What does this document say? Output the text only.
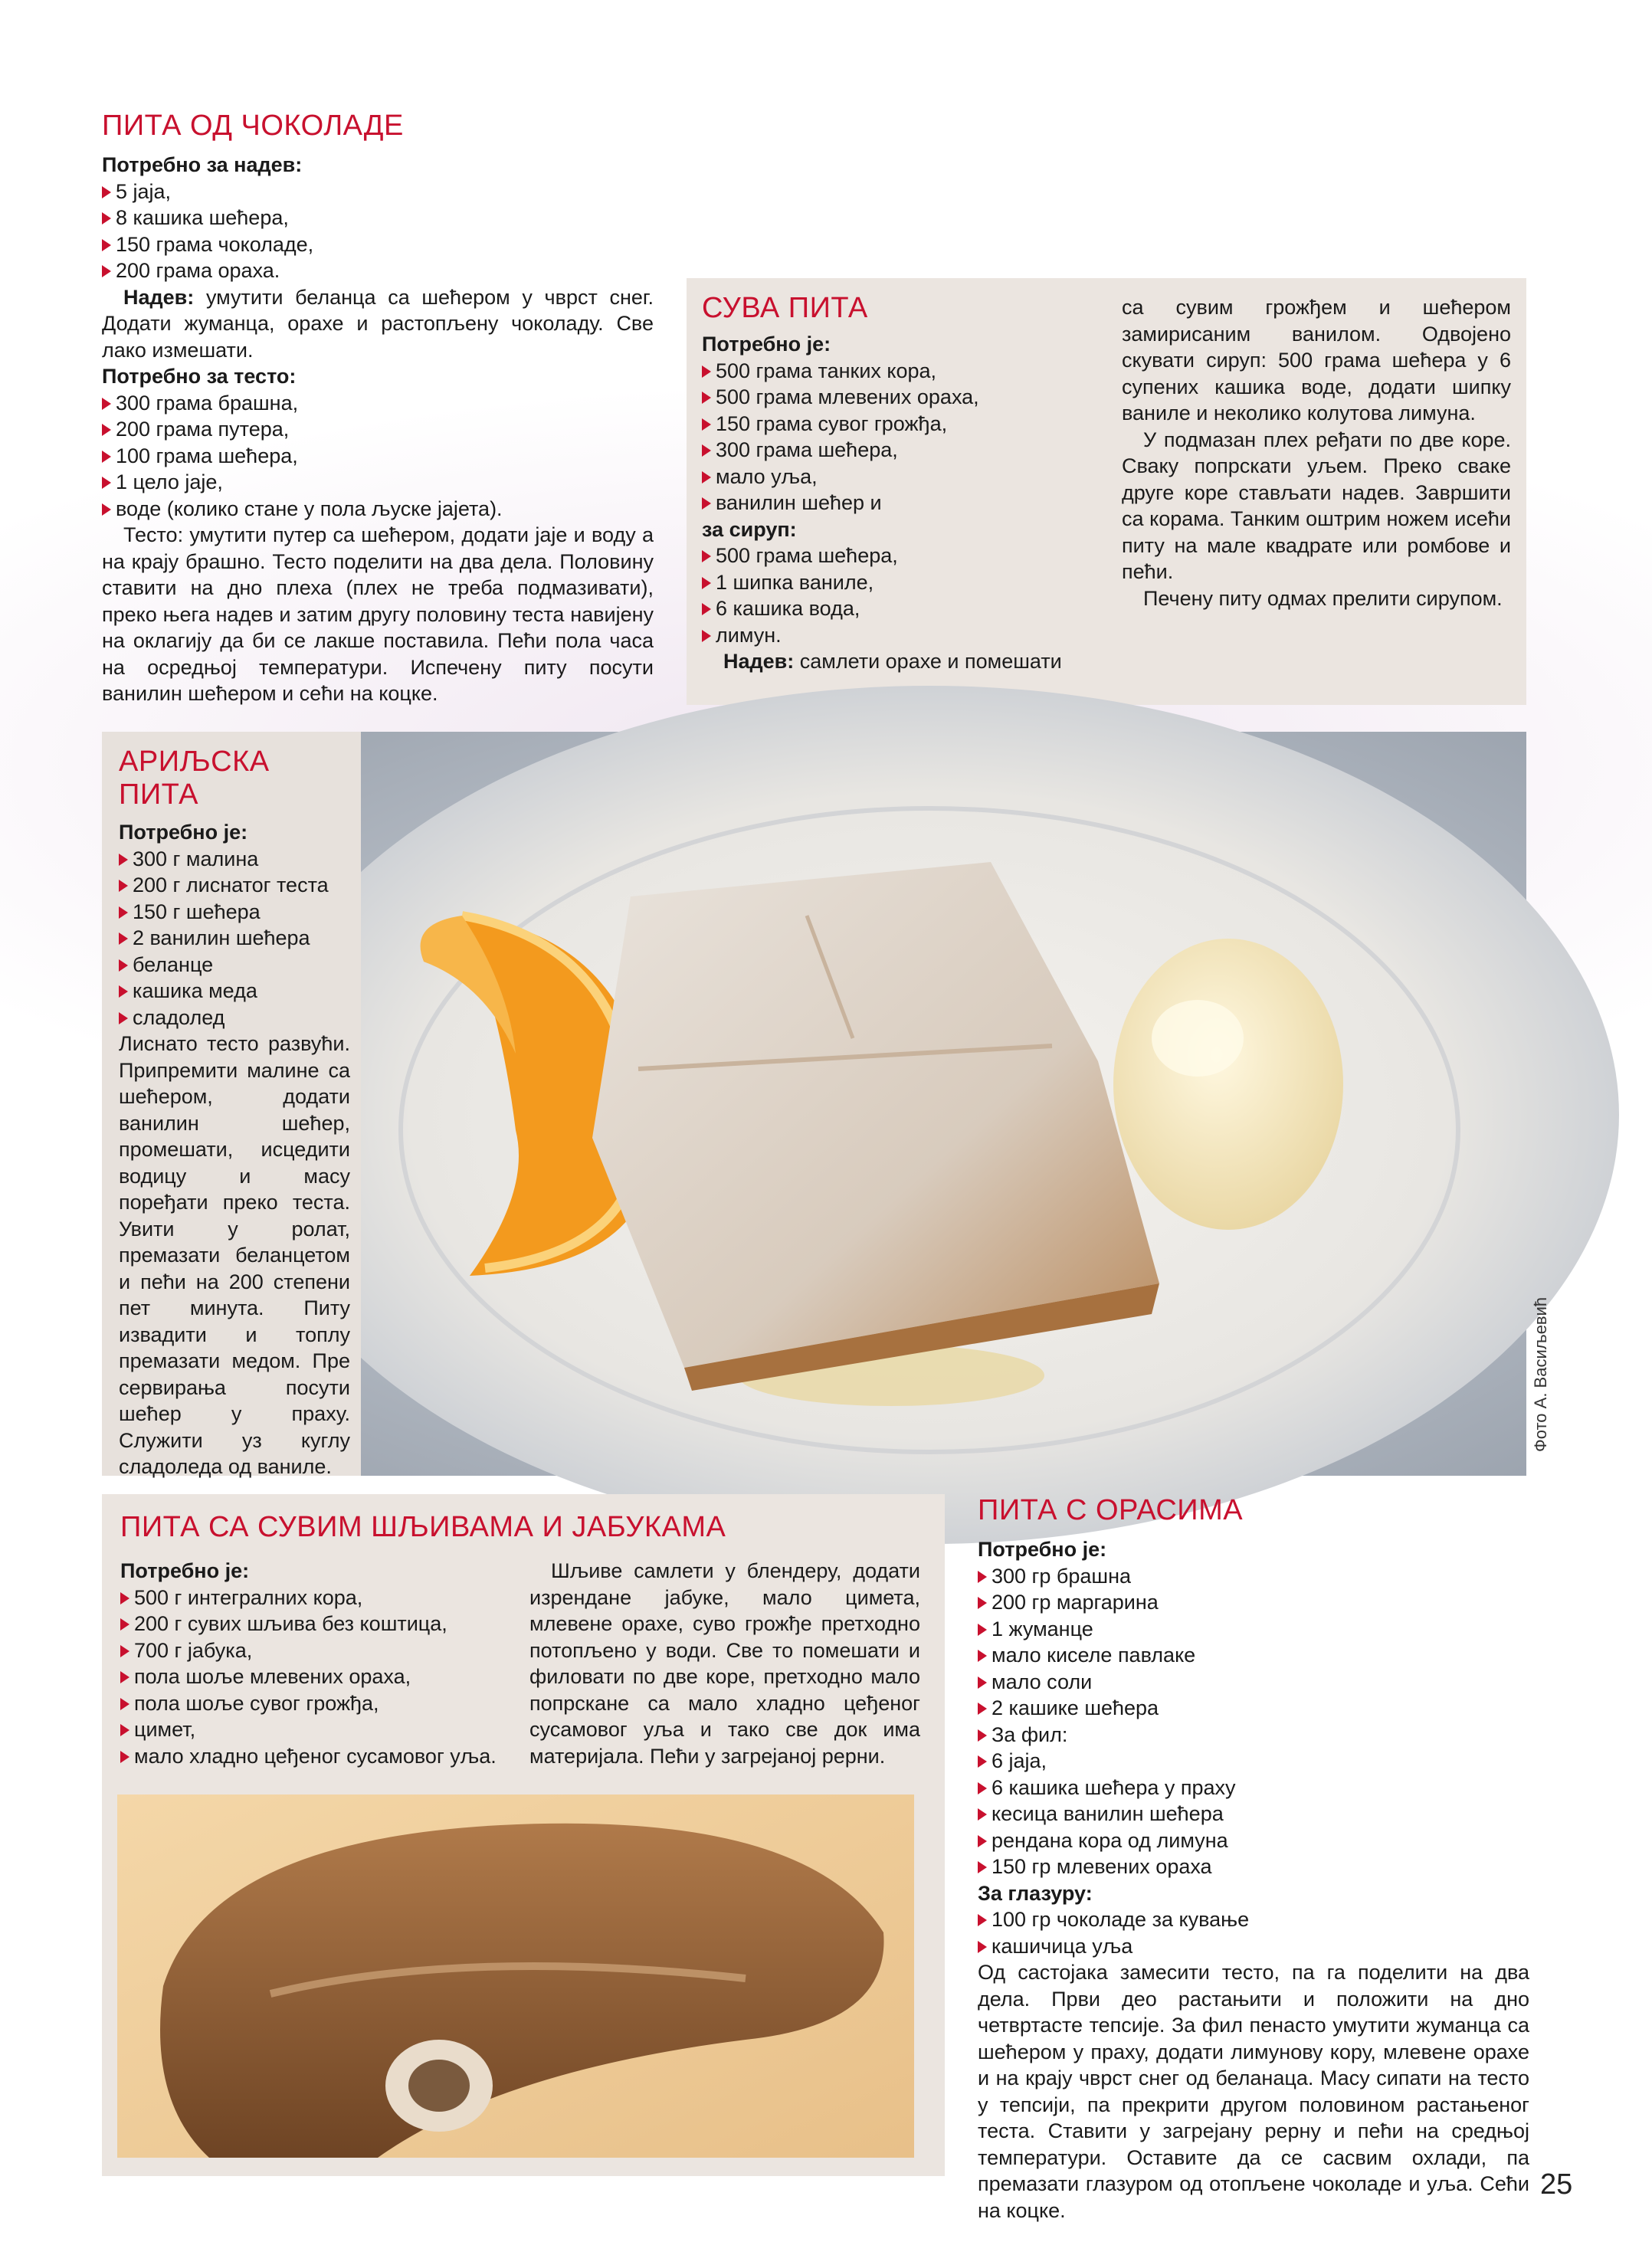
ПИТА ОД ЧОКОЛАДЕ
Потребно за надев:
5 јаја,
8 кашика шећера,
150 грама чоколаде,
200 грама ораха.
Надев: умутити беланца са шећером у чврст снег. Додати жуманца, орахе и растопљену чоколаду. Све лако измешати.
Потребно за тесто:
300 грама брашна,
200 грама путера,
100 грама шећера,
1 цело јаје,
воде (колико стане у пола љуске јајета).
Тесто: умутити путер са шећером, додати јаје и воду а на крају брашно. Тесто поделити на два дела. Половину ставити на дно плеха (плех не треба подмазивати), преко њега надев и затим другу половину теста навијену на оклагију да би се лакше поставила. Пећи пола часа на осредњој температури. Испечену питу посути ванилин шећером и сећи на коцке.
СУВА ПИТА
Потребно је:
500 грама танких кора,
500 грама млевених ораха,
150 грама сувог грожђа,
300 грама шећера,
мало уља,
ванилин шећер и
за сируп:
500 грама шећера,
1 шипка ваниле,
6 кашика вода,
лимун.
Надев: самлети орахе и помешати
са сувим грожђем и шећером замирисаним ванилом. Одвојено скувати сируп: 500 грама шећера у 6 супених кашика воде, додати шипку ваниле и неколико колутова лимуна.
У подмазан плех ређати по две коре. Сваку попрскати уљем. Преко сваке друге коре стављати надев. Завршити са корама. Танким оштрим ножем исећи питу на мале квадрате или ромбове и пећи.
Печену питу одмах прелити сирупом.
Фото А. Васиљевић
АРИЉСКА ПИТА
Потребно је:
300 г малина
200 г лиснатог теста
150 г шећера
2 ванилин шећера
беланце
кашика меда
сладолед
Лиснато тесто развући. Припремити малине са шећером, додати ванилин шећер, промешати, исцедити водицу и масу поређати преко теста. Увити у ролат, премазати беланцетом и пећи на 200 степени пет минута. Питу извадити и топлу премазати медом. Пре сервирања посути шећер у праху. Служити уз куглу сладоледа од ваниле.
ПИТА СА СУВИМ ШЉИВАМА И ЈАБУКАМА
Потребно је:
500 г интегралних кора,
200 г сувих шљива без коштица,
700 г јабука,
пола шоље млевених ораха,
пола шоље сувог грожђа,
цимет,
мало хладно цеђеног сусамовог уља.
Шљиве самлети у блендеру, додати изрендане јабуке, мало цимета, млевене орахе, суво грожђе претходно потопљено у води. Све то помешати и филовати по две коре, претходно мало попрскане са мало хладно цеђеног сусамовог уља и тако све док има материјала. Пећи у загрејаној рерни.
ПИТА С ОРАСИМА
Потребно је:
300 гр брашна
200 гр маргарина
1 жуманце
мало киселе павлаке
мало соли
2 кашике шећера
За фил:
6 јаја,
6 кашика шећера у праху
кесица ванилин шећера
рендана кора од лимуна
150 гр млевених ораха
За глазуру:
100 гр чоколаде за кување
кашичица уља
Од састојака замесити тесто, па га поделити на два дела. Први део растањити и положити на дно четвртасте тепсије. За фил пенасто умутити жуманца са шећером у праху, додати лимунову кору, млевене орахе и на крају чврст снег од беланаца. Масу сипати на тесто у тепсији, па прекрити другом половином растањеног теста. Ставити у загрејану рерну и пећи на средњој температури. Оставите да се сасвим охлади, па премазати глазуром од отопљене чоколаде и уља. Сећи на коцке.
25
